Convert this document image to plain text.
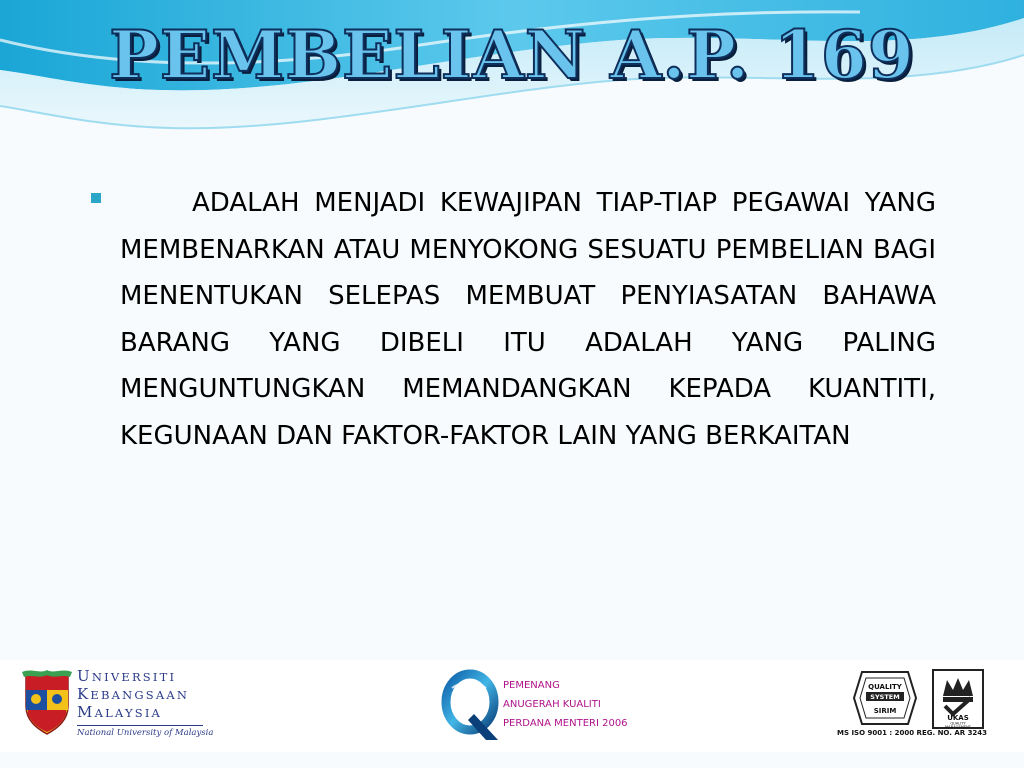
PEMBELIAN A.P. 169

ADALAH MENJADI KEWAJIPAN TIAP-TIAP PEGAWAI YANG MEMBENARKAN ATAU MENYOKONG SESUATU PEMBELIAN BAGI MENENTUKAN SELEPAS MEMBUAT PENYIASATAN BAHAWA BARANG YANG DIBELI ITU ADALAH YANG PALING MENGUNTUNGKAN MEMANDANGKAN KEPADA KUANTITI, KEGUNAAN DAN FAKTOR-FAKTOR LAIN YANG BERKAITAN

UNIVERSITI
KEBANGSAAN
MALAYSIA
National University of Malaysia
PEMENANG
ANUGERAH KUALITI
PERDANA MENTERI 2006
QUALITY
SYSTEM
SIRIM
UKAS
QUALITY
MANAGEMENT
MS ISO 9001 : 2000 REG. NO. AR 3243
